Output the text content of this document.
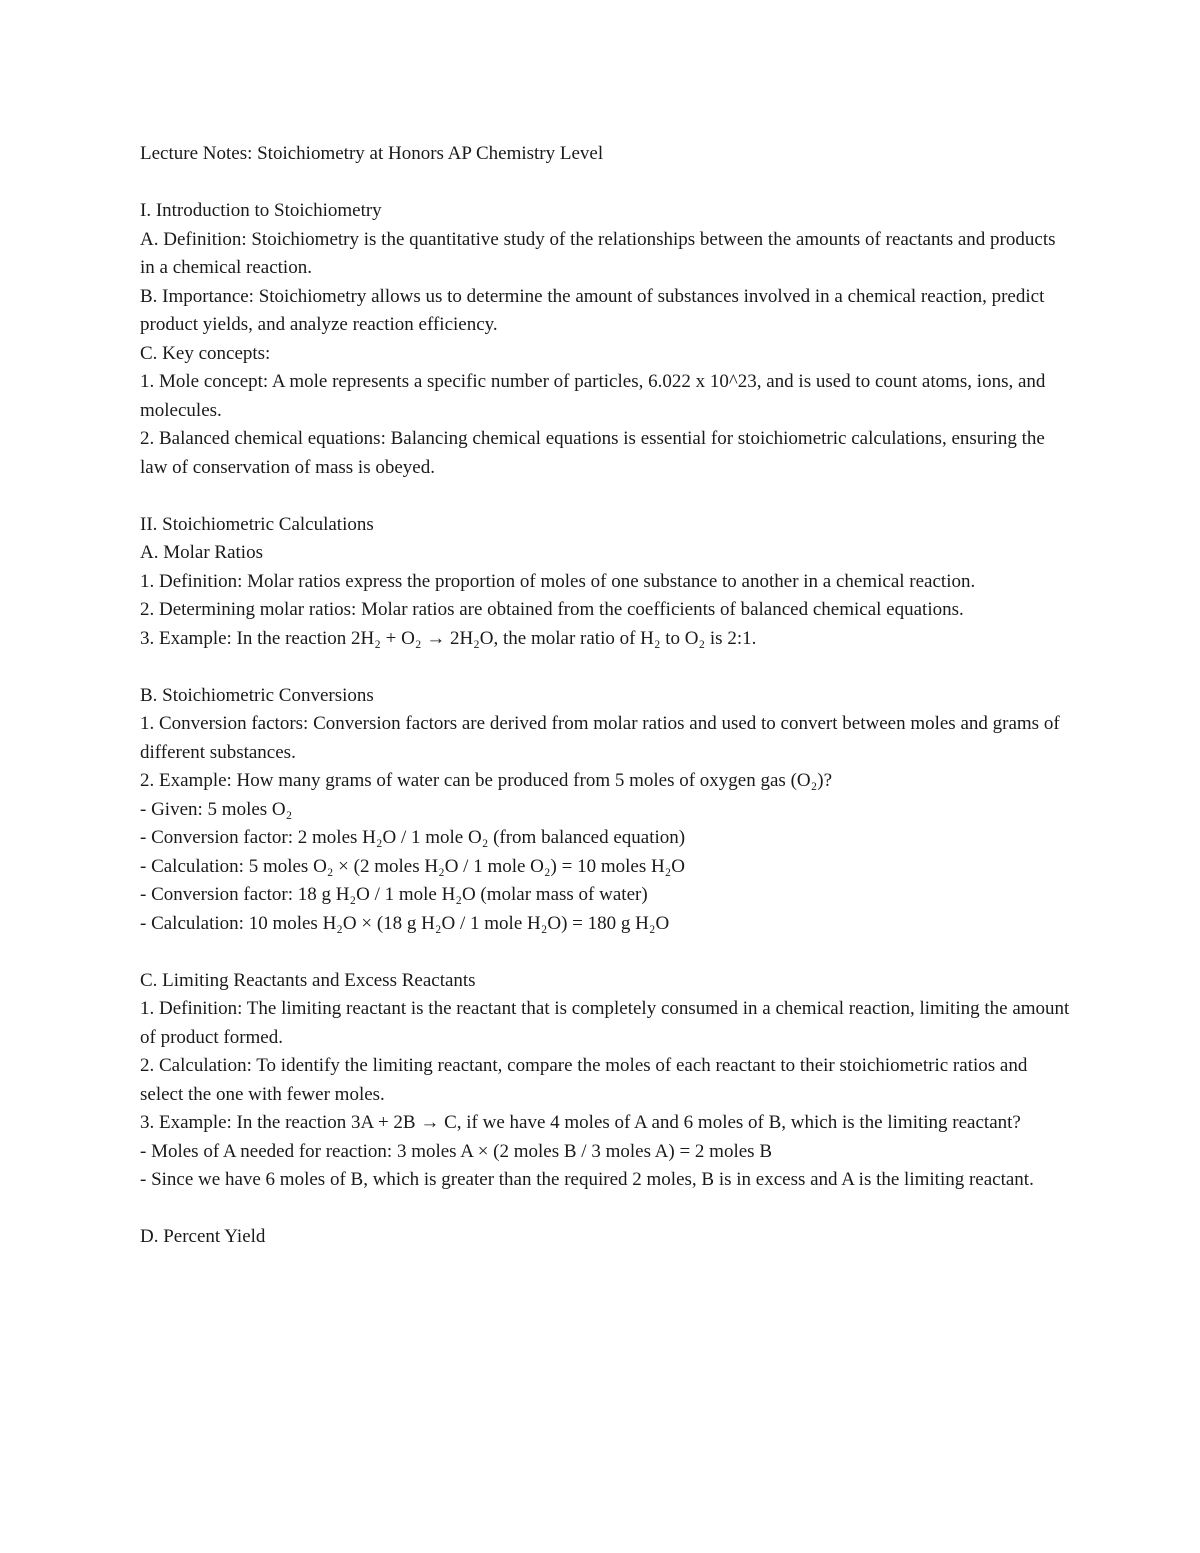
Lecture Notes: Stoichiometry at Honors AP Chemistry Level

I. Introduction to Stoichiometry

A. Definition: Stoichiometry is the quantitative study of the relationships between the amounts of reactants and products in a chemical reaction.

B. Importance: Stoichiometry allows us to determine the amount of substances involved in a chemical reaction, predict product yields, and analyze reaction efficiency.

C. Key concepts:

1. Mole concept: A mole represents a specific number of particles, 6.022 x 10^23, and is used to count atoms, ions, and molecules.

2. Balanced chemical equations: Balancing chemical equations is essential for stoichiometric calculations, ensuring the law of conservation of mass is obeyed.

II. Stoichiometric Calculations

A. Molar Ratios

1. Definition: Molar ratios express the proportion of moles of one substance to another in a chemical reaction.

2. Determining molar ratios: Molar ratios are obtained from the coefficients of balanced chemical equations.

3. Example: In the reaction 2H₂ + O₂ → 2H₂O, the molar ratio of H₂ to O₂ is 2:1.

B. Stoichiometric Conversions

1. Conversion factors: Conversion factors are derived from molar ratios and used to convert between moles and grams of different substances.

2. Example: How many grams of water can be produced from 5 moles of oxygen gas (O₂)?

- Given: 5 moles O₂

- Conversion factor: 2 moles H₂O / 1 mole O₂ (from balanced equation)

- Calculation: 5 moles O₂ × (2 moles H₂O / 1 mole O₂) = 10 moles H₂O

- Conversion factor: 18 g H₂O / 1 mole H₂O (molar mass of water)

- Calculation: 10 moles H₂O × (18 g H₂O / 1 mole H₂O) = 180 g H₂O

C. Limiting Reactants and Excess Reactants

1. Definition: The limiting reactant is the reactant that is completely consumed in a chemical reaction, limiting the amount of product formed.

2. Calculation: To identify the limiting reactant, compare the moles of each reactant to their stoichiometric ratios and select the one with fewer moles.

3. Example: In the reaction 3A + 2B → C, if we have 4 moles of A and 6 moles of B, which is the limiting reactant?

- Moles of A needed for reaction: 3 moles A × (2 moles B / 3 moles A) = 2 moles B

- Since we have 6 moles of B, which is greater than the required 2 moles, B is in excess and A is the limiting reactant.

D. Percent Yield
